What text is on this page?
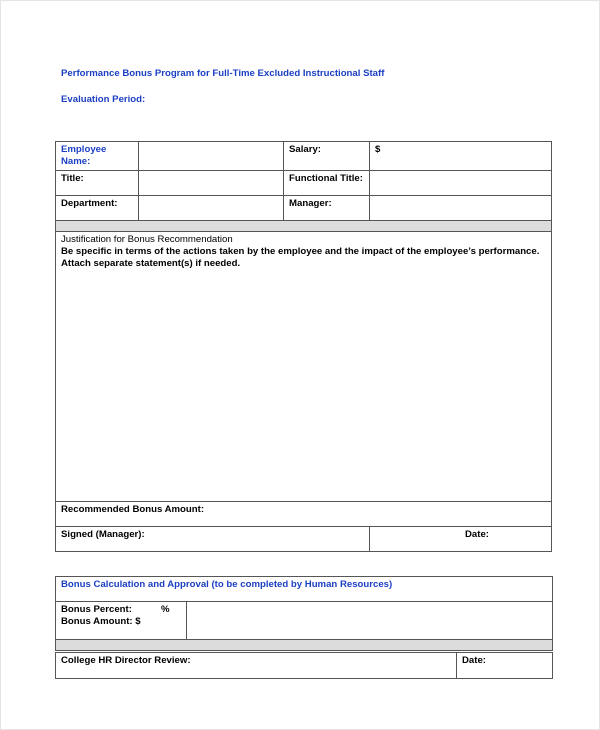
Performance Bonus Program for Full-Time Excluded Instructional Staff
Evaluation Period:
Employee Name:		Salary:	$
Title:		Functional Title:	
Department:		Manager:	

Justification for Bonus Recommendation
Be specific in terms of the actions taken by the employee and the impact of the employee’s performance.
Attach separate statement(s) if needed.			

Recommended Bonus Amount:			
Signed (Manager):			Date:
Bonus Calculation and Approval (to be completed by Human Resources)

Bonus Percent:	%
Bonus Amount: $

College HR Director Review:	Date:
